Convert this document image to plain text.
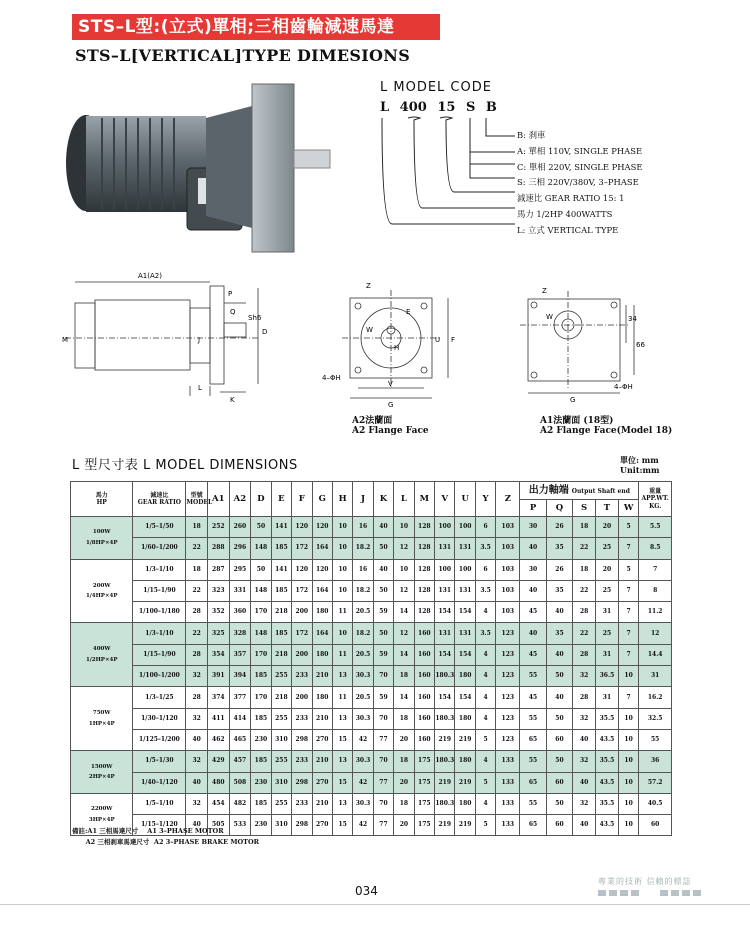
STS–L型:(立式)單相;三相齒輪減速馬達
STS–L[VERTICAL]TYPE DIMESIONS
L MODEL CODE
L 400 15 S B
B: 刹車
A: 單相 110V, SINGLE PHASE
C: 單相 220V, SINGLE PHASE
S: 三相 220V/380V, 3–PHASE
減速比 GEAR RATIO 15: 1
馬力 1/2HP 400WATTS
L: 立式 VERTICAL TYPE
A1(A2)
P
Q
Sh6
D
M	J
L
K
Z
E
W
H
U F
4–ΦH
V
G
A2法蘭面
A2 Flange Face
Z
W	34
66
4–ΦH
G
A1法蘭面 (18型)
A2 Flange Face(Model 18)
L 型尺寸表 L MODEL DIMENSIONS	單位: mm
Unit:mm
馬力
HP	減速比
GEAR RATIO	型號
MODEL	A1	A2	D	E	F	G	H	J	K	L	M	V	U	Y	Z	出力軸端 Output Shaft end					重量
APP.WT. KG.
																		P	Q	S	T	W	
100W
1/8HP×4P	1/5–1/50	18	252	260	50	141	120	120	10	16	40	10	128	100	100	6	103	30	26	18	20	5	5.5
	1/60–1/200	22	288	296	148	185	172	164	10	18.2	50	12	128	131	131	3.5	103	40	35	22	25	7	8.5
200W
1/4HP×4P	1/3–1/10	18	287	295	50	141	120	120	10	16	40	10	128	100	100	6	103	30	26	18	20	5	7
	1/15–1/90	22	323	331	148	185	172	164	10	18.2	50	12	128	131	131	3.5	103	40	35	22	25	7	8
	1/100–1/180	28	352	360	170	218	200	180	11	20.5	59	14	128	154	154	4	103	45	40	28	31	7	11.2
400W
1/2HP×4P	1/3–1/10	22	325	328	148	185	172	164	10	18.2	50	12	160	131	131	3.5	123	40	35	22	25	7	12
	1/15–1/90	28	354	357	170	218	200	180	11	20.5	59	14	160	154	154	4	123	45	40	28	31	7	14.4
	1/100–1/200	32	391	394	185	255	233	210	13	30.3	70	18	160	180.3	180	4	123	55	50	32	36.5	10	31
750W
1HP×4P	1/3–1/25	28	374	377	170	218	200	180	11	20.5	59	14	160	154	154	4	123	45	40	28	31	7	16.2
	1/30–1/120	32	411	414	185	255	233	210	13	30.3	70	18	160	180.3	180	4	123	55	50	32	35.5	10	32.5
	1/125–1/200	40	462	465	230	310	298	270	15	42	77	20	160	219	219	5	123	65	60	40	43.5	10	55
1500W
2HP×4P	1/5–1/30	32	429	457	185	255	233	210	13	30.3	70	18	175	180.3	180	4	133	55	50	32	35.5	10	36
	1/40–1/120	40	480	508	230	310	298	270	15	42	77	20	175	219	219	5	133	65	60	40	43.5	10	57.2
2200W
3HP×4P	1/5–1/10	32	454	482	185	255	233	210	13	30.3	70	18	175	180.3	180	4	133	55	50	32	35.5	10	40.5
	1/15–1/120	40	505	533	230	310	298	270	15	42	77	20	175	219	219	5	133	65	60	40	43.5	10	60
備註:A1 三相馬達尺寸    A1 3–PHASE MOTOR
A2 三相刹車馬達尺寸  A2 3–PHASE BRAKE MOTOR
專業的技術 信賴的標誌
034
